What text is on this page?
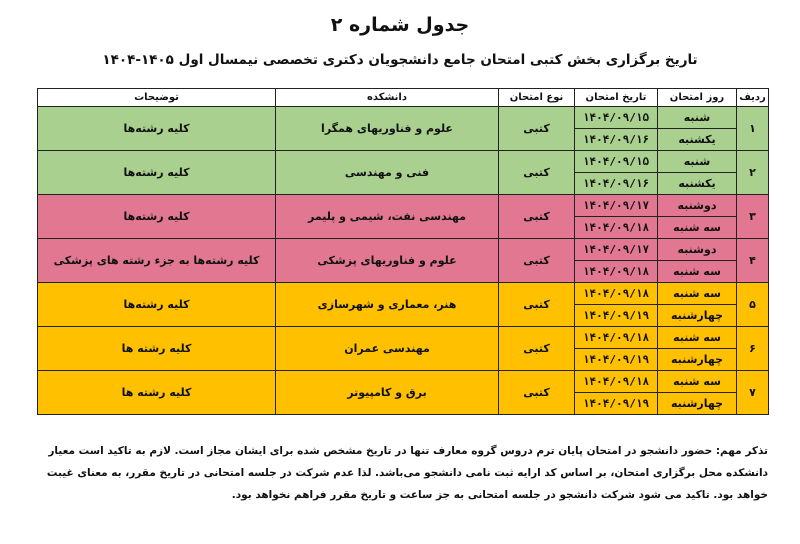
جدول شماره ۲
تاریخ برگزاری بخش کتبی امتحان جامع دانشجویان دکتری تخصصی نیمسال اول ۱۴۰۵-۱۴۰۴
ردیف	روز امتحان	تاریخ امتحان	نوع امتحان	دانشکده	توضیحات
۱	شنبه	۱۴۰۴/۰۹/۱۵	کتبی	علوم و فناوریهای همگرا	کلیه رشته‌ها
	یکشنبه	۱۴۰۴/۰۹/۱۶			
۲	شنبه	۱۴۰۴/۰۹/۱۵	کتبی	فنی و مهندسی	کلیه رشته‌ها
	یکشنبه	۱۴۰۴/۰۹/۱۶			
۳	دوشنبه	۱۴۰۴/۰۹/۱۷	کتبی	مهندسی نفت، شیمی و پلیمر	کلیه رشته‌ها
	سه شنبه	۱۴۰۴/۰۹/۱۸			
۴	دوشنبه	۱۴۰۴/۰۹/۱۷	کتبی	علوم و فناوریهای پزشکی	کلیه رشته‌ها به جزء رشته های پزشکی
	سه شنبه	۱۴۰۴/۰۹/۱۸			
۵	سه شنبه	۱۴۰۴/۰۹/۱۸	کتبی	هنر، معماری و شهرسازی	کلیه رشته‌ها
	چهارشنبه	۱۴۰۴/۰۹/۱۹			
۶	سه شنبه	۱۴۰۴/۰۹/۱۸	کتبی	مهندسی عمران	کلیه رشته ها
	چهارشنبه	۱۴۰۴/۰۹/۱۹			
۷	سه شنبه	۱۴۰۴/۰۹/۱۸	کتبی	برق و کامپیوتر	کلیه رشته ها
	چهارشنبه	۱۴۰۴/۰۹/۱۹			
تذکر مهم: حضور دانشجو در امتحان پایان ترم دروس گروه معارف تنها در تاریخ مشخص شده برای ایشان مجاز است. لازم به تاکید است معیار دانشکده محل برگزاری امتحان، بر اساس کد ارایه ثبت نامی دانشجو می‌باشد. لذا عدم شرکت در جلسه امتحانی در تاریخ مقرر، به معنای غیبت خواهد بود. تاکید می شود شرکت دانشجو در جلسه امتحانی به جز ساعت و تاریخ مقرر فراهم نخواهد بود.
